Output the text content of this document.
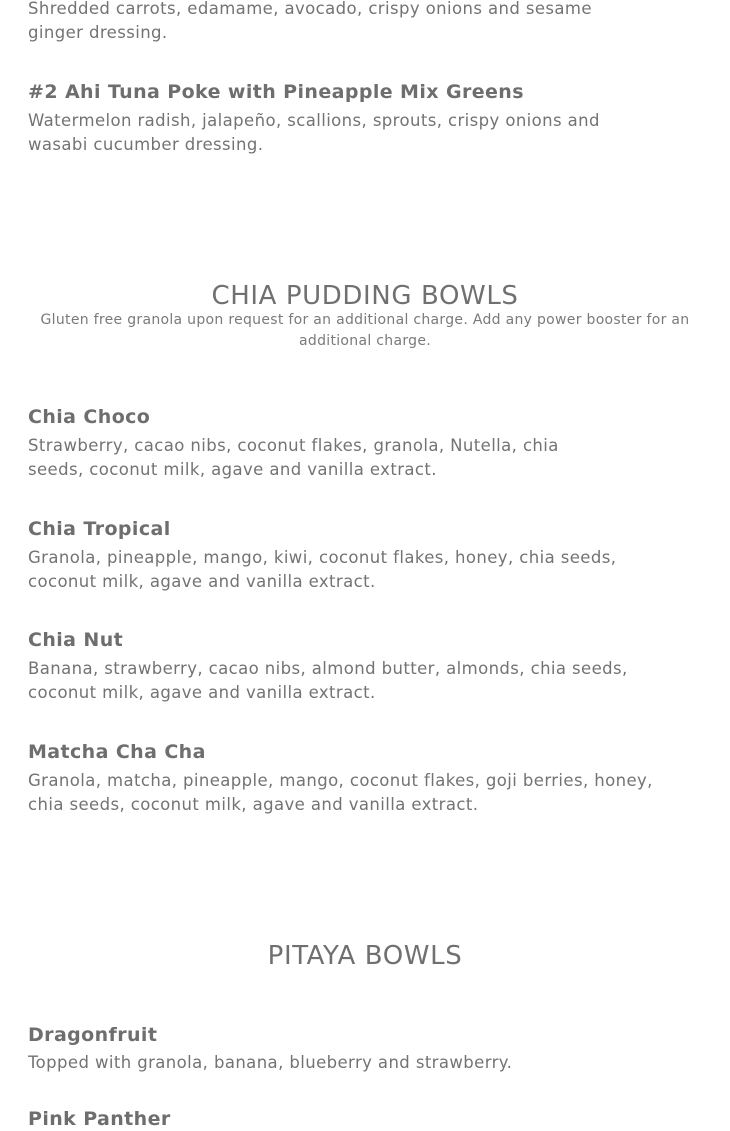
Shredded carrots, edamame, avocado, crispy onions and sesame ginger dressing.

#2 Ahi Tuna Poke with Pineapple Mix Greens

Watermelon radish, jalapeño, scallions, sprouts, crispy onions and wasabi cucumber dressing.

CHIA PUDDING BOWLS

Gluten free granola upon request for an additional charge. Add any power booster for an additional charge.

Chia Choco

Strawberry, cacao nibs, coconut flakes, granola, Nutella, chia seeds, coconut milk, agave and vanilla extract.

Chia Tropical

Granola, pineapple, mango, kiwi, coconut flakes, honey, chia seeds, coconut milk, agave and vanilla extract.

Chia Nut

Banana, strawberry, cacao nibs, almond butter, almonds, chia seeds, coconut milk, agave and vanilla extract.

Matcha Cha Cha

Granola, matcha, pineapple, mango, coconut flakes, goji berries, honey, chia seeds, coconut milk, agave and vanilla extract.

PITAYA BOWLS
Dragonfruit

Topped with granola, banana, blueberry and strawberry.

Pink Panther
